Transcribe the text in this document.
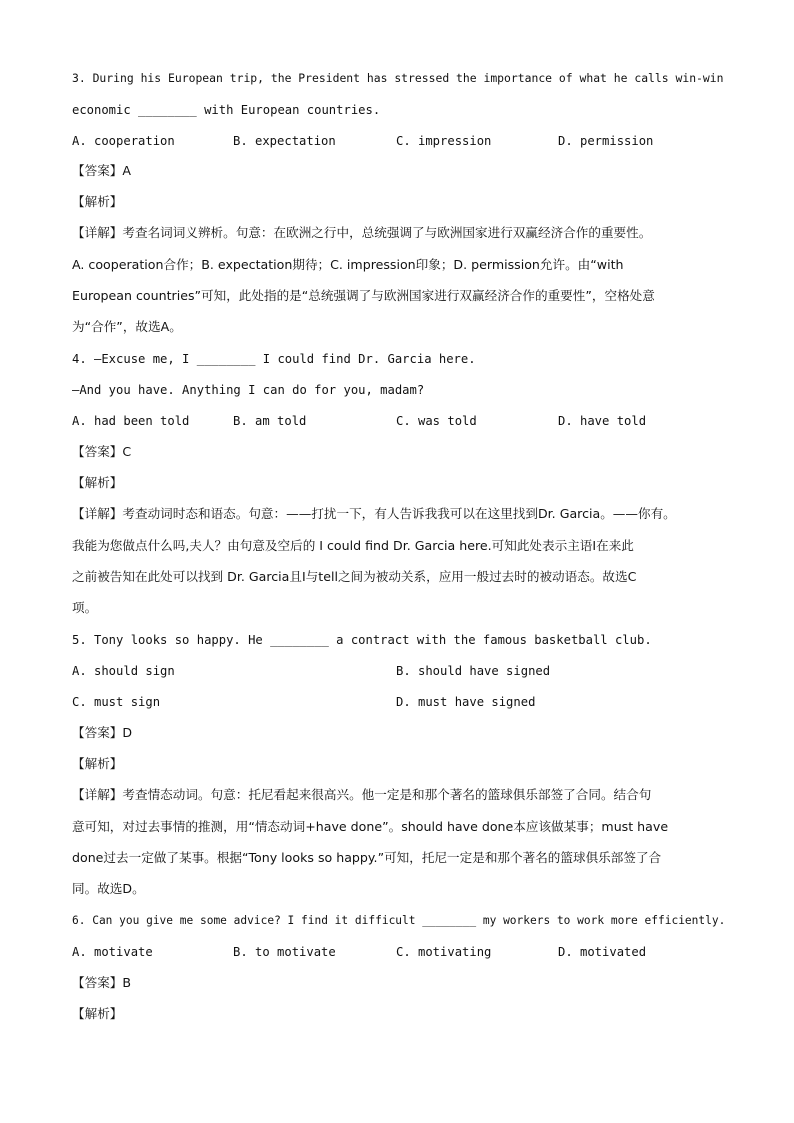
3. During his European trip, the President has stressed the importance of what he calls win-win
economic ________ with European countries.
A. cooperation	B. expectation	C. impression	D. permission
【答案】A
【解析】
【详解】考查名词词义辨析。句意：在欧洲之行中，总统强调了与欧洲国家进行双赢经济合作的重要性。
A. cooperation合作；B. expectation期待；C. impression印象；D. permission允许。由“with
European countries”可知，此处指的是“总统强调了与欧洲国家进行双赢经济合作的重要性”，空格处意
为“合作”，故选A。
4. —Excuse me, I ________ I could find Dr. Garcia here.
—And you have. Anything I can do for you, madam?
A. had been told	B. am told	C. was told	D. have told
【答案】C
【解析】
【详解】考查动词时态和语态。句意：——打扰一下，有人告诉我我可以在这里找到Dr. Garcia。——你有。
我能为您做点什么吗,夫人？由句意及空后的 I could find Dr. Garcia here.可知此处表示主语I在来此
之前被告知在此处可以找到 Dr. Garcia且I与tell之间为被动关系，应用一般过去时的被动语态。故选C
项。
5. Tony looks so happy. He ________ a contract with the famous basketball club.
A. should sign	B. should have signed
C. must sign	D. must have signed
【答案】D
【解析】
【详解】考查情态动词。句意：托尼看起来很高兴。他一定是和那个著名的篮球俱乐部签了合同。结合句
意可知，对过去事情的推测，用“情态动词+have done”。should have done本应该做某事；must have
done过去一定做了某事。根据“Tony looks so happy.”可知，托尼一定是和那个著名的篮球俱乐部签了合
同。故选D。
6. Can you give me some advice? I find it difficult ________ my workers to work more efficiently.
A. motivate	B. to motivate	C. motivating	D. motivated
【答案】B
【解析】
